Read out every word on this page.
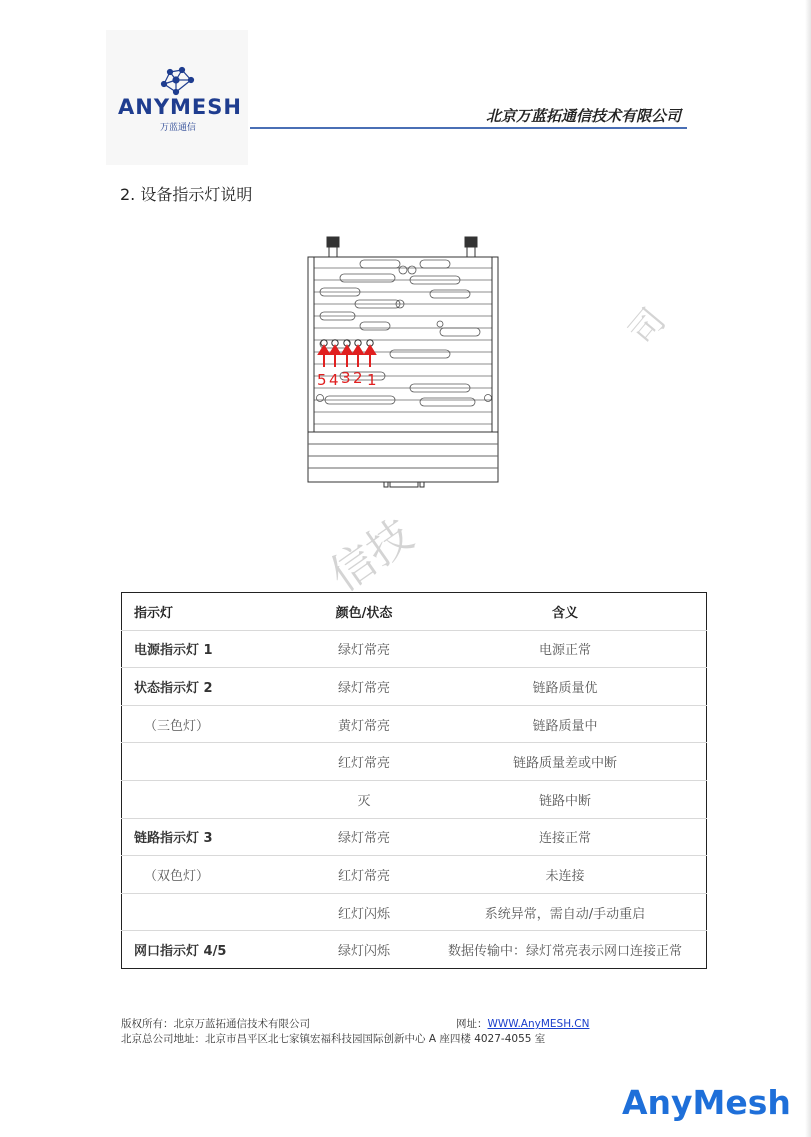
ANYMESH
万蓝通信
北京万蓝拓通信技术有限公司
2. 设备指示灯说明
5 4 3 2 1
信技
司
指示灯	颜色/状态	含义
电源指示灯 1	绿灯常亮	电源正常
状态指示灯 2	绿灯常亮	链路质量优
（三色灯）	黄灯常亮	链路质量中
	红灯常亮	链路质量差或中断
	灭	链路中断
链路指示灯 3	绿灯常亮	连接正常
（双色灯）	红灯常亮	未连接
	红灯闪烁	系统异常，需自动/手动重启
网口指示灯 4/5	绿灯闪烁	数据传输中：绿灯常亮表示网口连接正常
版权所有：北京万蓝拓通信技术有限公司	网址：WWW.AnyMESH.CN
北京总公司地址：北京市昌平区北七家镇宏福科技园国际创新中心 A 座四楼 4027-4055 室
AnyMesh
